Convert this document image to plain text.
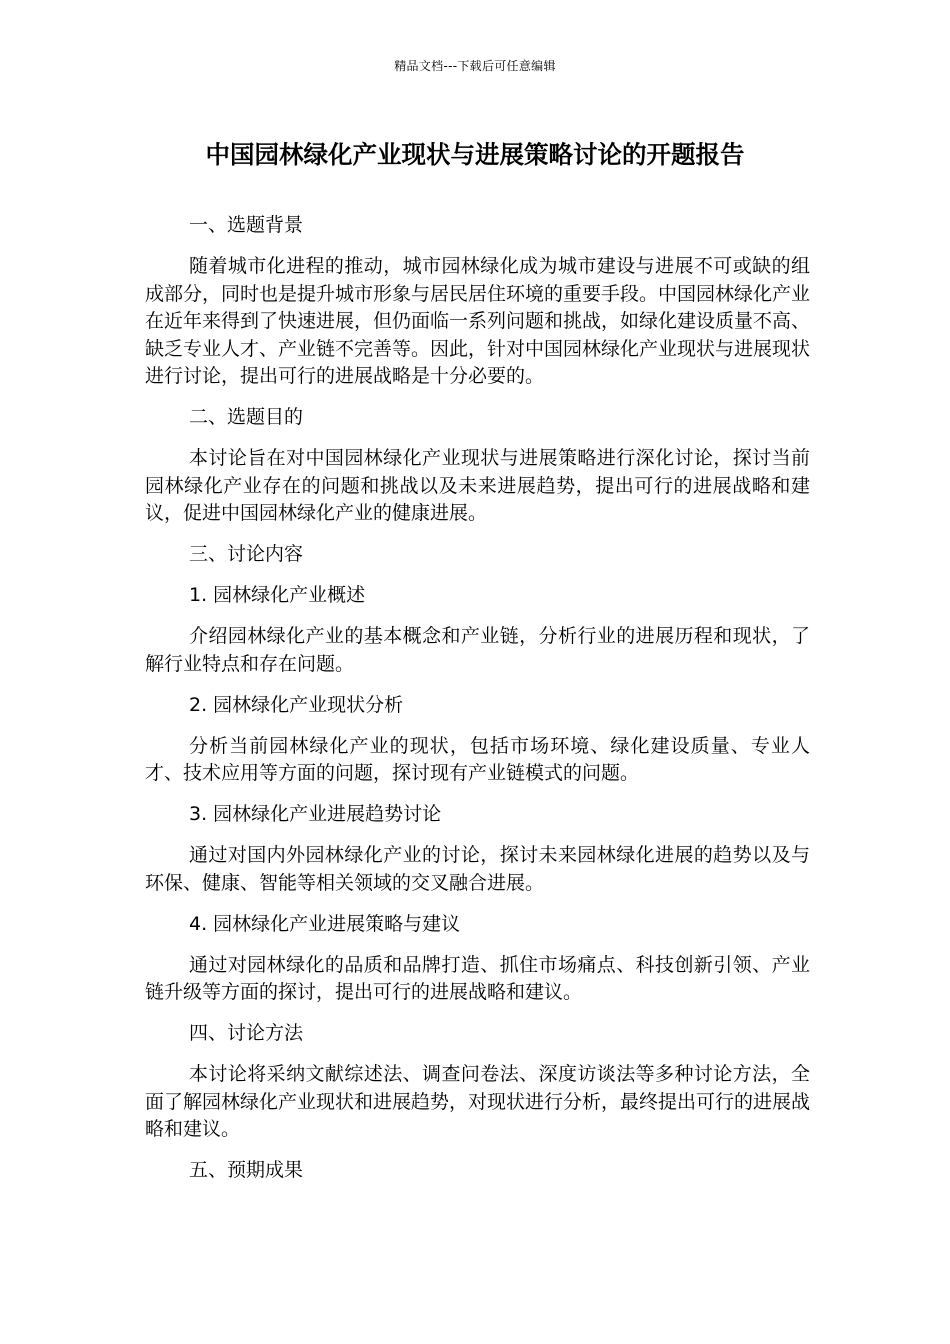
精品文档---下载后可任意编辑
中国园林绿化产业现状与进展策略讨论的开题报告
一、选题背景

随着城市化进程的推动，城市园林绿化成为城市建设与进展不可或缺的组成部分，同时也是提升城市形象与居民居住环境的重要手段。中国园林绿化产业在近年来得到了快速进展，但仍面临一系列问题和挑战，如绿化建设质量不高、缺乏专业人才、产业链不完善等。因此，针对中国园林绿化产业现状与进展现状进行讨论，提出可行的进展战略是十分必要的。

二、选题目的

本讨论旨在对中国园林绿化产业现状与进展策略进行深化讨论，探讨当前园林绿化产业存在的问题和挑战以及未来进展趋势，提出可行的进展战略和建议，促进中国园林绿化产业的健康进展。

三、讨论内容
1. 园林绿化产业概述

介绍园林绿化产业的基本概念和产业链，分析行业的进展历程和现状，了解行业特点和存在问题。

2. 园林绿化产业现状分析

分析当前园林绿化产业的现状，包括市场环境、绿化建设质量、专业人才、技术应用等方面的问题，探讨现有产业链模式的问题。

3. 园林绿化产业进展趋势讨论

通过对国内外园林绿化产业的讨论，探讨未来园林绿化进展的趋势以及与环保、健康、智能等相关领域的交叉融合进展。

4. 园林绿化产业进展策略与建议

通过对园林绿化的品质和品牌打造、抓住市场痛点、科技创新引领、产业链升级等方面的探讨，提出可行的进展战略和建议。

四、讨论方法

本讨论将采纳文献综述法、调查问卷法、深度访谈法等多种讨论方法，全面了解园林绿化产业现状和进展趋势，对现状进行分析，最终提出可行的进展战略和建议。

五、预期成果
